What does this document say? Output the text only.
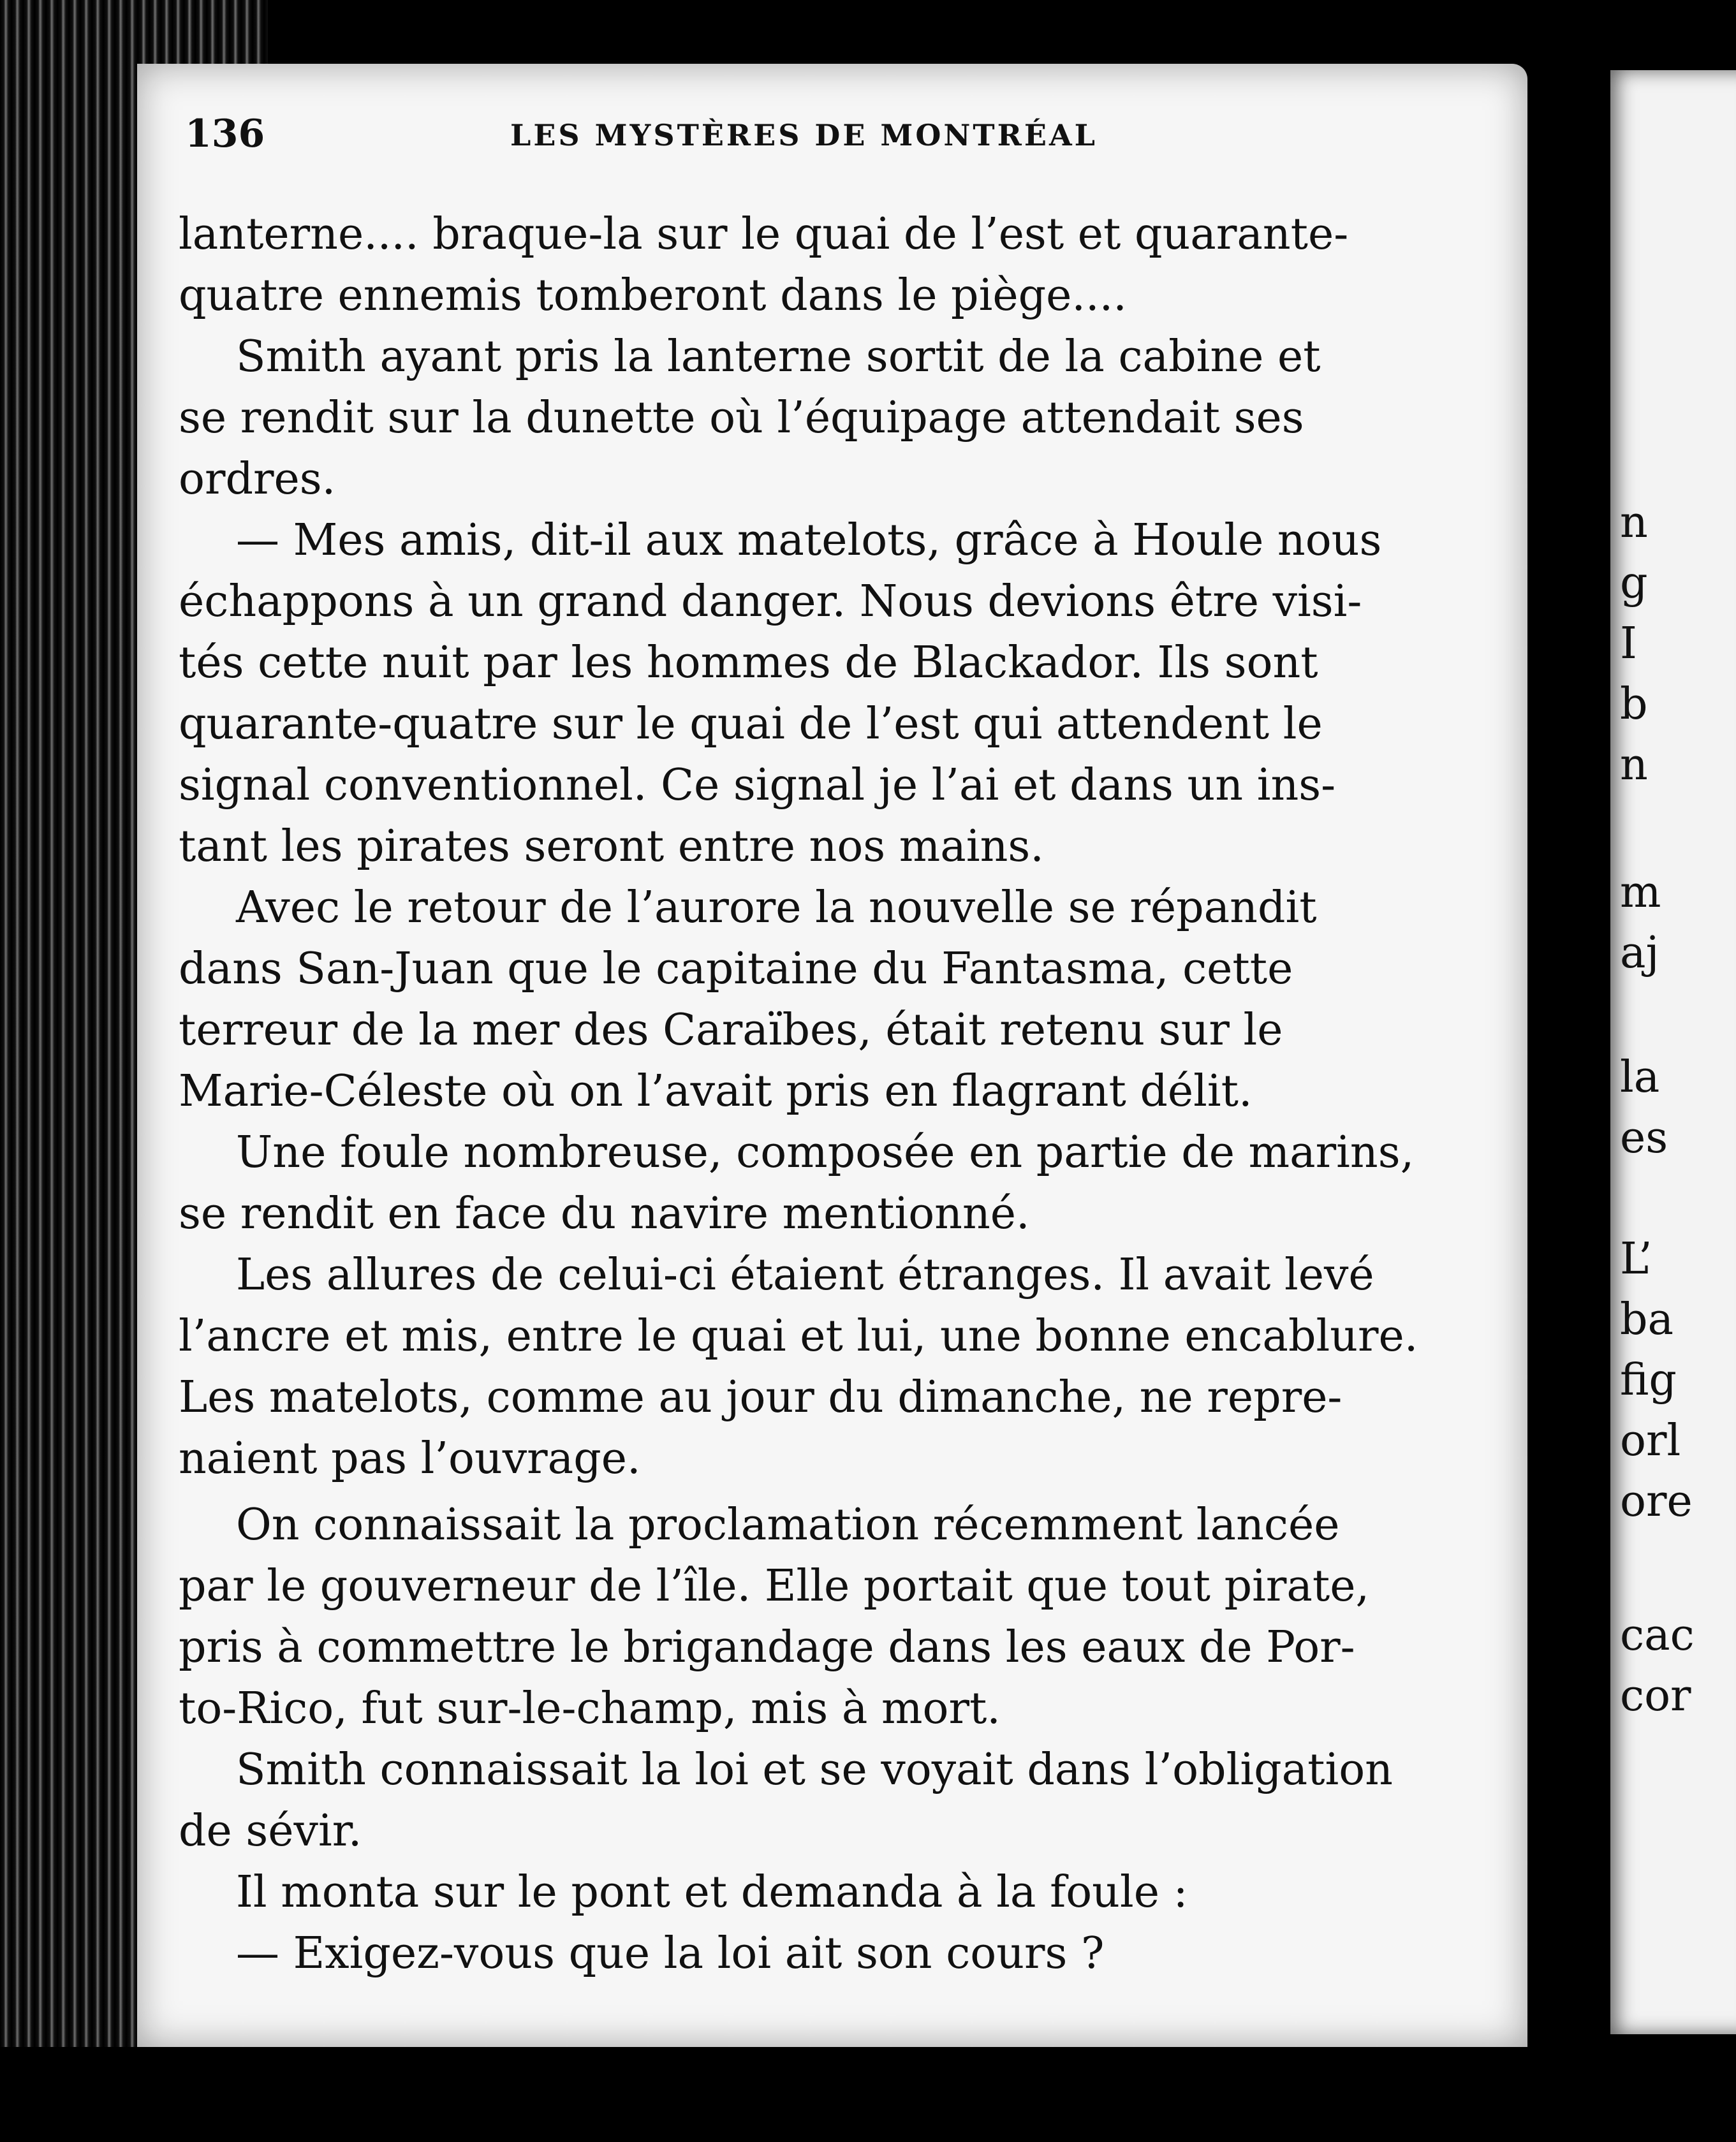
136	LES MYSTÈRES DE MONTRÉAL
lanterne.... braque-la sur le quai de l’est et quarante-
quatre ennemis tomberont dans le piège....
Smith ayant pris la lanterne sortit de la cabine et
se rendit sur la dunette où l’équipage attendait ses
ordres.
— Mes amis, dit-il aux matelots, grâce à Houle nous
échappons à un grand danger. Nous devions être visi-
tés cette nuit par les hommes de Blackador. Ils sont
quarante-quatre sur le quai de l’est qui attendent le
signal conventionnel. Ce signal je l’ai et dans un ins-
tant les pirates seront entre nos mains.
Avec le retour de l’aurore la nouvelle se répandit
dans San-Juan que le capitaine du Fantasma, cette
terreur de la mer des Caraïbes, était retenu sur le
Marie-Céleste où on l’avait pris en flagrant délit.
Une foule nombreuse, composée en partie de marins,
se rendit en face du navire mentionné.
Les allures de celui-ci étaient étranges. Il avait levé
l’ancre et mis, entre le quai et lui, une bonne encablure.
Les matelots, comme au jour du dimanche, ne repre-
naient pas l’ouvrage.
On connaissait la proclamation récemment lancée
par le gouverneur de l’île. Elle portait que tout pirate,
pris à commettre le brigandage dans les eaux de Por-
to-Rico, fut sur-le-champ, mis à mort.
Smith connaissait la loi et se voyait dans l’obligation
de sévir.
Il monta sur le pont et demanda à la foule :
— Exigez-vous que la loi ait son cours ?
n
g
I
b
n
m
aj
la
es
L’
ba
fig
orl
ore
cac
cor
